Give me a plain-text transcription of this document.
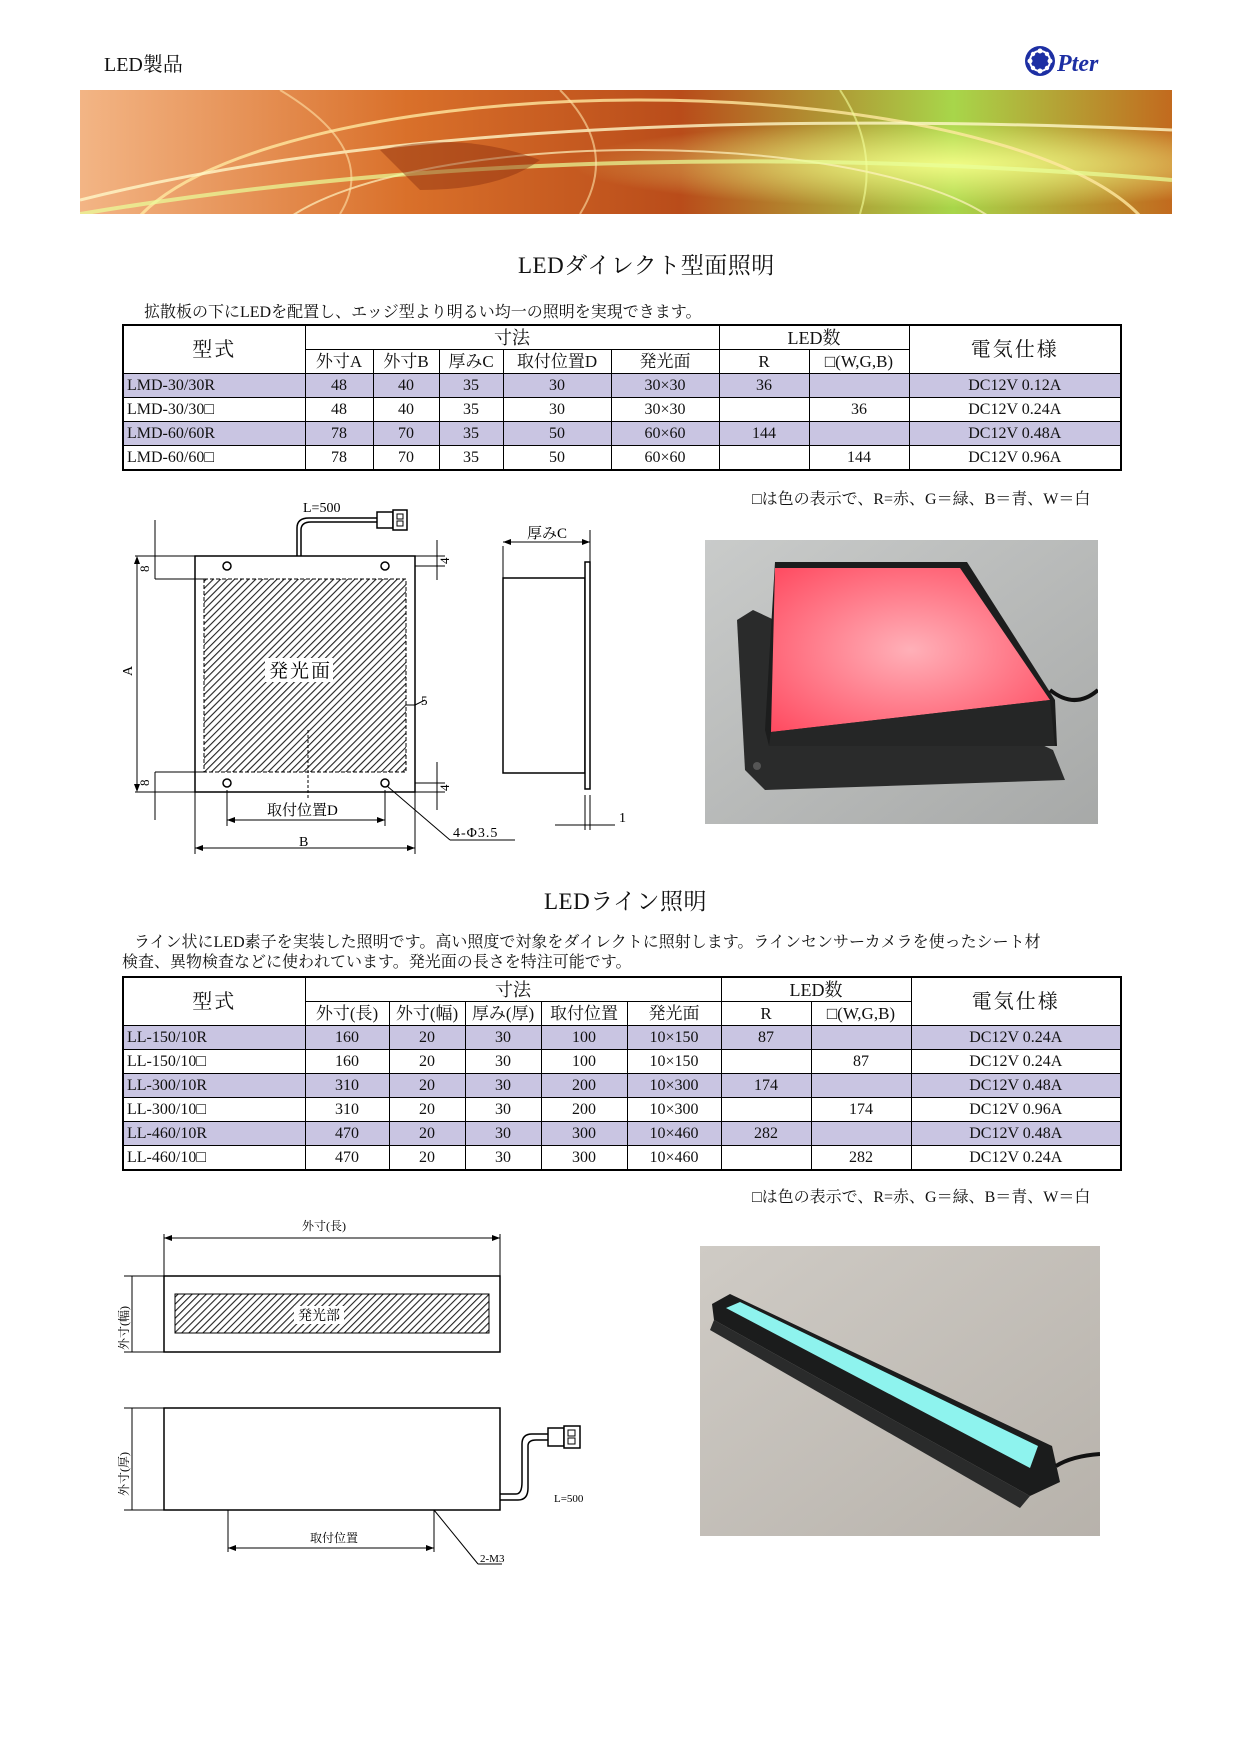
LED製品	Pter
LEDダイレクト型面照明
拡散板の下にLEDを配置し、エッジ型より明るい均一の照明を実現できます。
型式	寸法					LED数		電気仕様
	外寸A	外寸B	厚みC	取付位置D	発光面	R	□(W,G,B)	
LMD-30/30R	48	40	35	30	30×30	36		DC12V 0.12A
LMD-30/30□	48	40	35	30	30×30		36	DC12V 0.24A
LMD-60/60R	78	70	35	50	60×60	144		DC12V 0.48A
LMD-60/60□	78	70	35	50	60×60		144	DC12V 0.96A
□は色の表示で、R=赤、G＝緑、B＝青、W＝白
L=500
発光面
A
8
8
4
4
5
取付位置D
B
4-Φ3.5
厚みC
1
LEDライン照明
ライン状にLED素子を実装した照明です。高い照度で対象をダイレクトに照射します。ラインセンサーカメラを使ったシート材
検査、異物検査などに使われています。発光面の長さを特注可能です。
型式	寸法					LED数		電気仕様
	外寸(長)	外寸(幅)	厚み(厚)	取付位置	発光面	R	□(W,G,B)	
LL-150/10R	160	20	30	100	10×150	87		DC12V 0.24A
LL-150/10□	160	20	30	100	10×150		87	DC12V 0.24A
LL-300/10R	310	20	30	200	10×300	174		DC12V 0.48A
LL-300/10□	310	20	30	200	10×300		174	DC12V 0.96A
LL-460/10R	470	20	30	300	10×460	282		DC12V 0.48A
LL-460/10□	470	20	30	300	10×460		282	DC12V 0.24A
□は色の表示で、R=赤、G＝緑、B＝青、W＝白
外寸(長)
発光部
外寸(幅)
外寸(厚)
L=500
取付位置
2-M3
